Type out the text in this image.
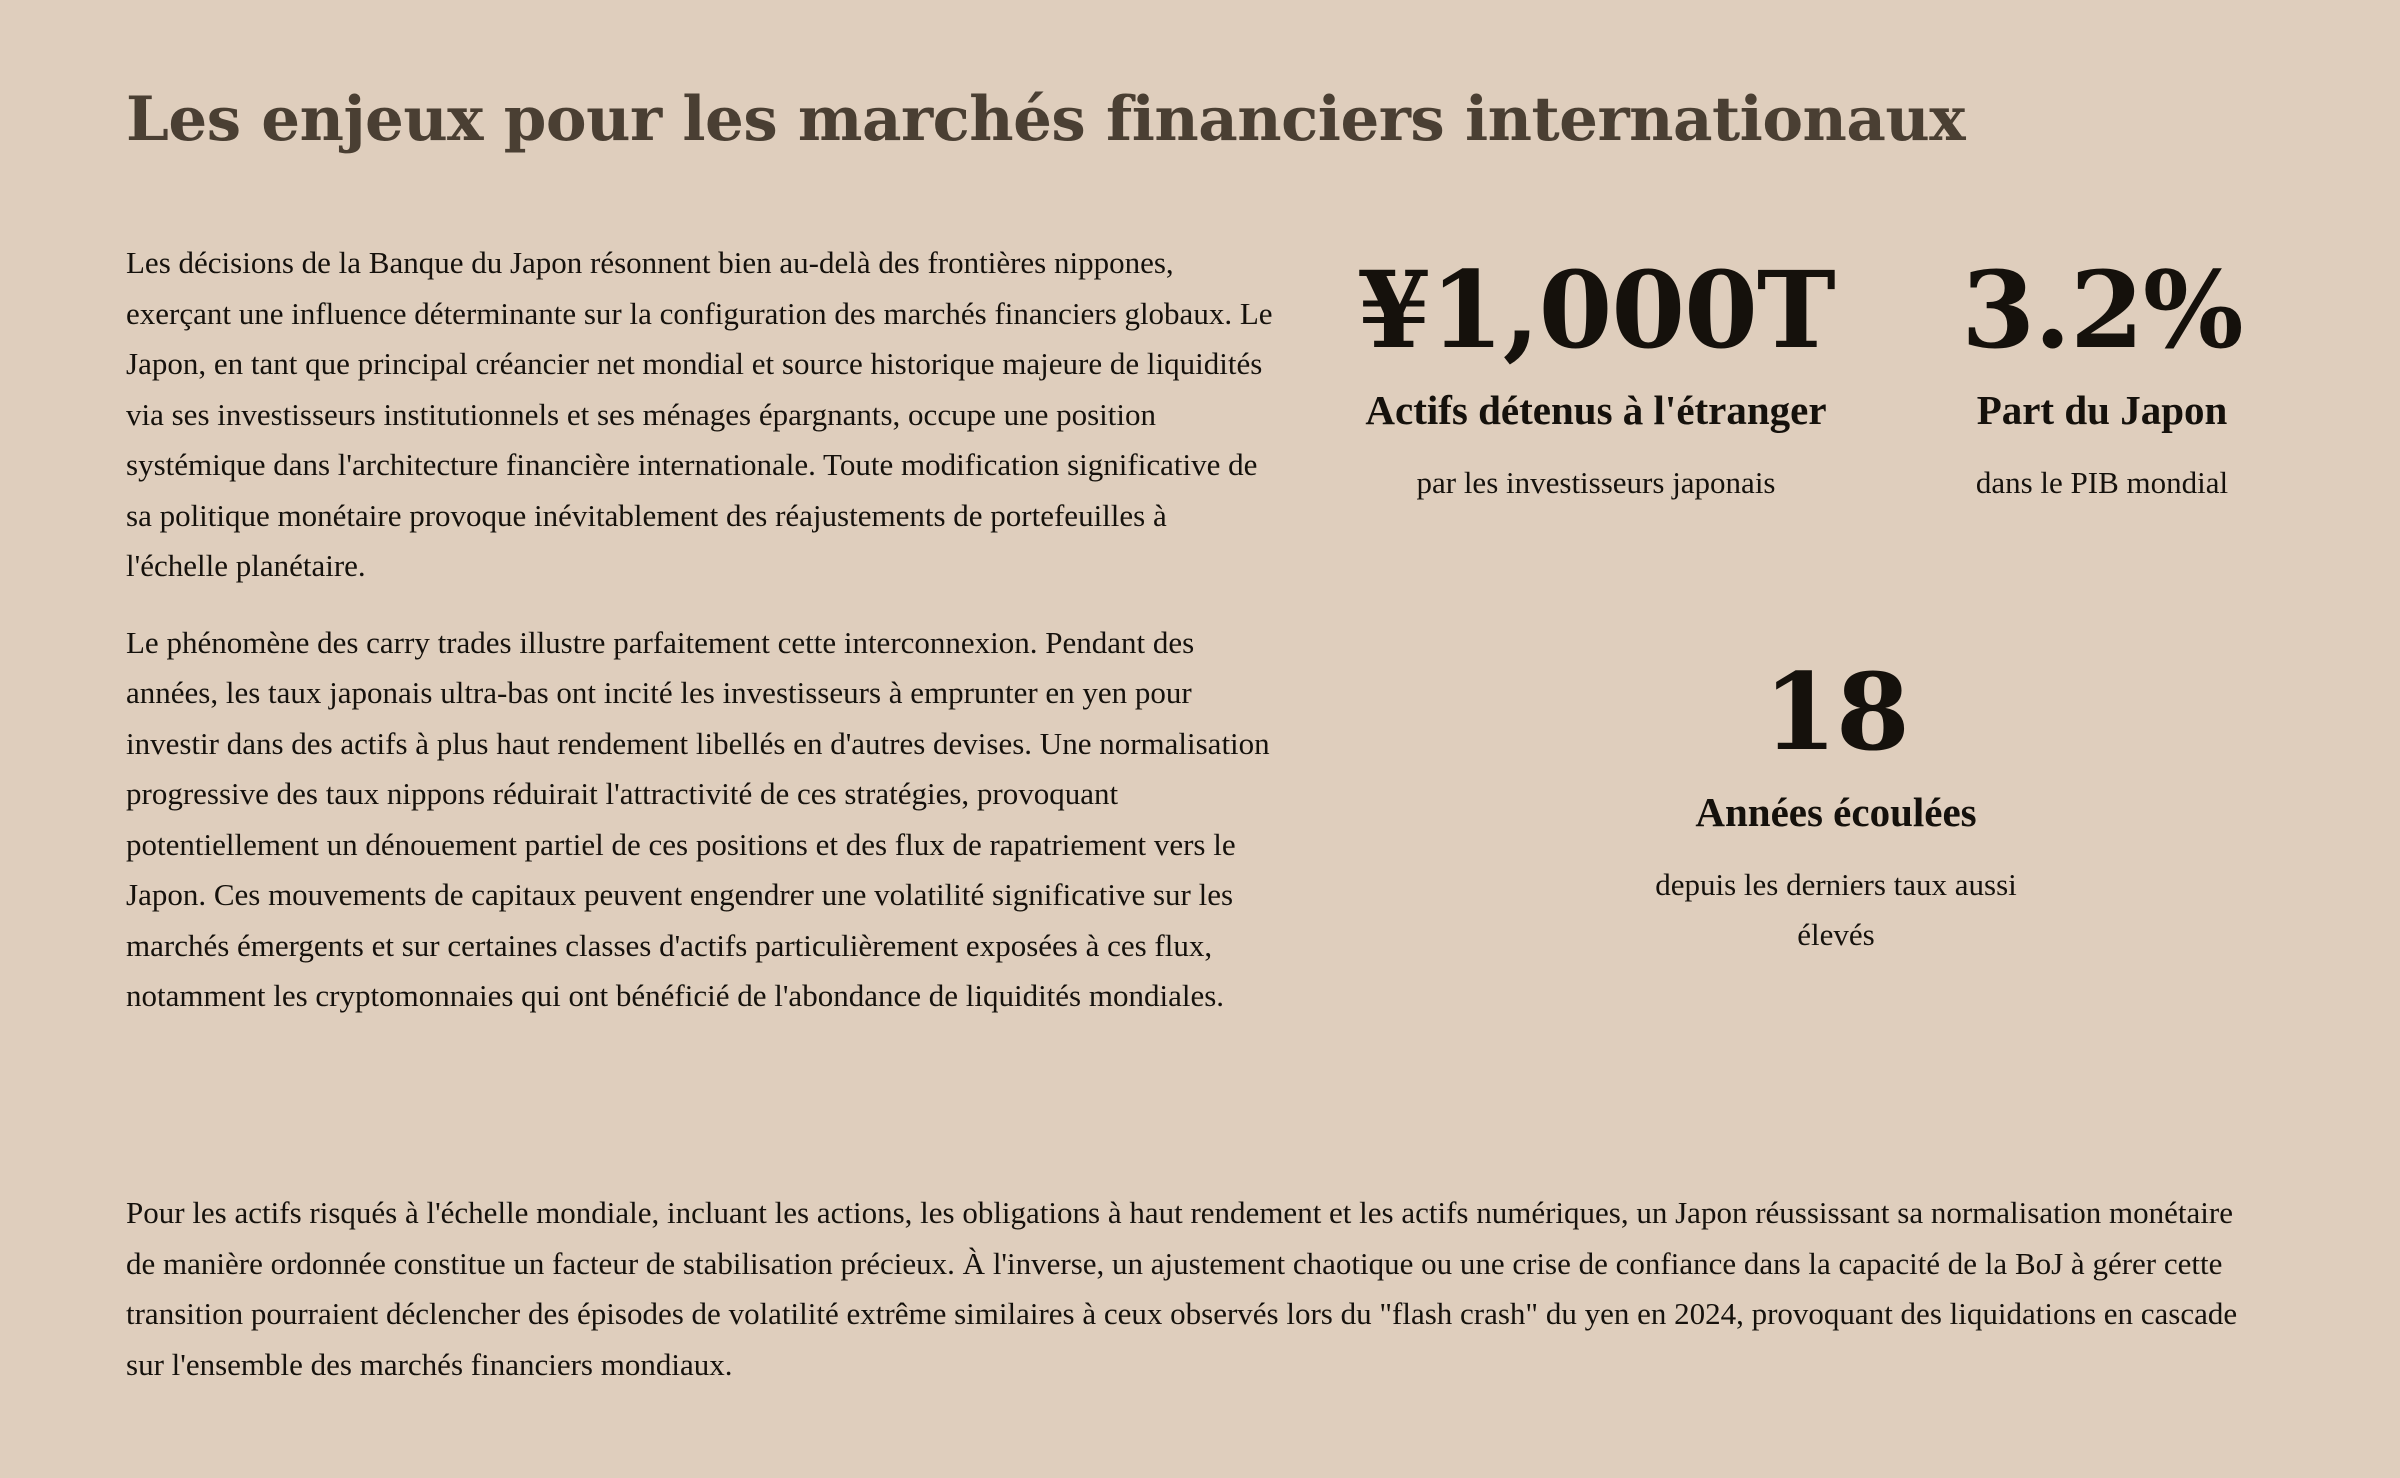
Les enjeux pour les marchés financiers internationaux

Les décisions de la Banque du Japon résonnent bien au-delà des frontières nippones, exerçant une influence déterminante sur la configuration des marchés financiers globaux. Le Japon, en tant que principal créancier net mondial et source historique majeure de liquidités via ses investisseurs institutionnels et ses ménages épargnants, occupe une position systémique dans l'architecture financière internationale. Toute modification significative de sa politique monétaire provoque inévitablement des réajustements de portefeuilles à l'échelle planétaire.

Le phénomène des carry trades illustre parfaitement cette interconnexion. Pendant des années, les taux japonais ultra-bas ont incité les investisseurs à emprunter en yen pour investir dans des actifs à plus haut rendement libellés en d'autres devises. Une normalisation progressive des taux nippons réduirait l'attractivité de ces stratégies, provoquant potentiellement un dénouement partiel de ces positions et des flux de rapatriement vers le Japon. Ces mouvements de capitaux peuvent engendrer une volatilité significative sur les marchés émergents et sur certaines classes d'actifs particulièrement exposées à ces flux, notamment les cryptomonnaies qui ont bénéficié de l'abondance de liquidités mondiales.

¥1,000T
Actifs détenus à l'étranger
par les investisseurs japonais
3.2%
Part du Japon
dans le PIB mondial
18
Années écoulées
depuis les derniers taux aussi élevés

Pour les actifs risqués à l'échelle mondiale, incluant les actions, les obligations à haut rendement et les actifs numériques, un Japon réussissant sa normalisation monétaire de manière ordonnée constitue un facteur de stabilisation précieux. À l'inverse, un ajustement chaotique ou une crise de confiance dans la capacité de la BoJ à gérer cette transition pourraient déclencher des épisodes de volatilité extrême similaires à ceux observés lors du "flash crash" du yen en 2024, provoquant des liquidations en cascade sur l'ensemble des marchés financiers mondiaux.
